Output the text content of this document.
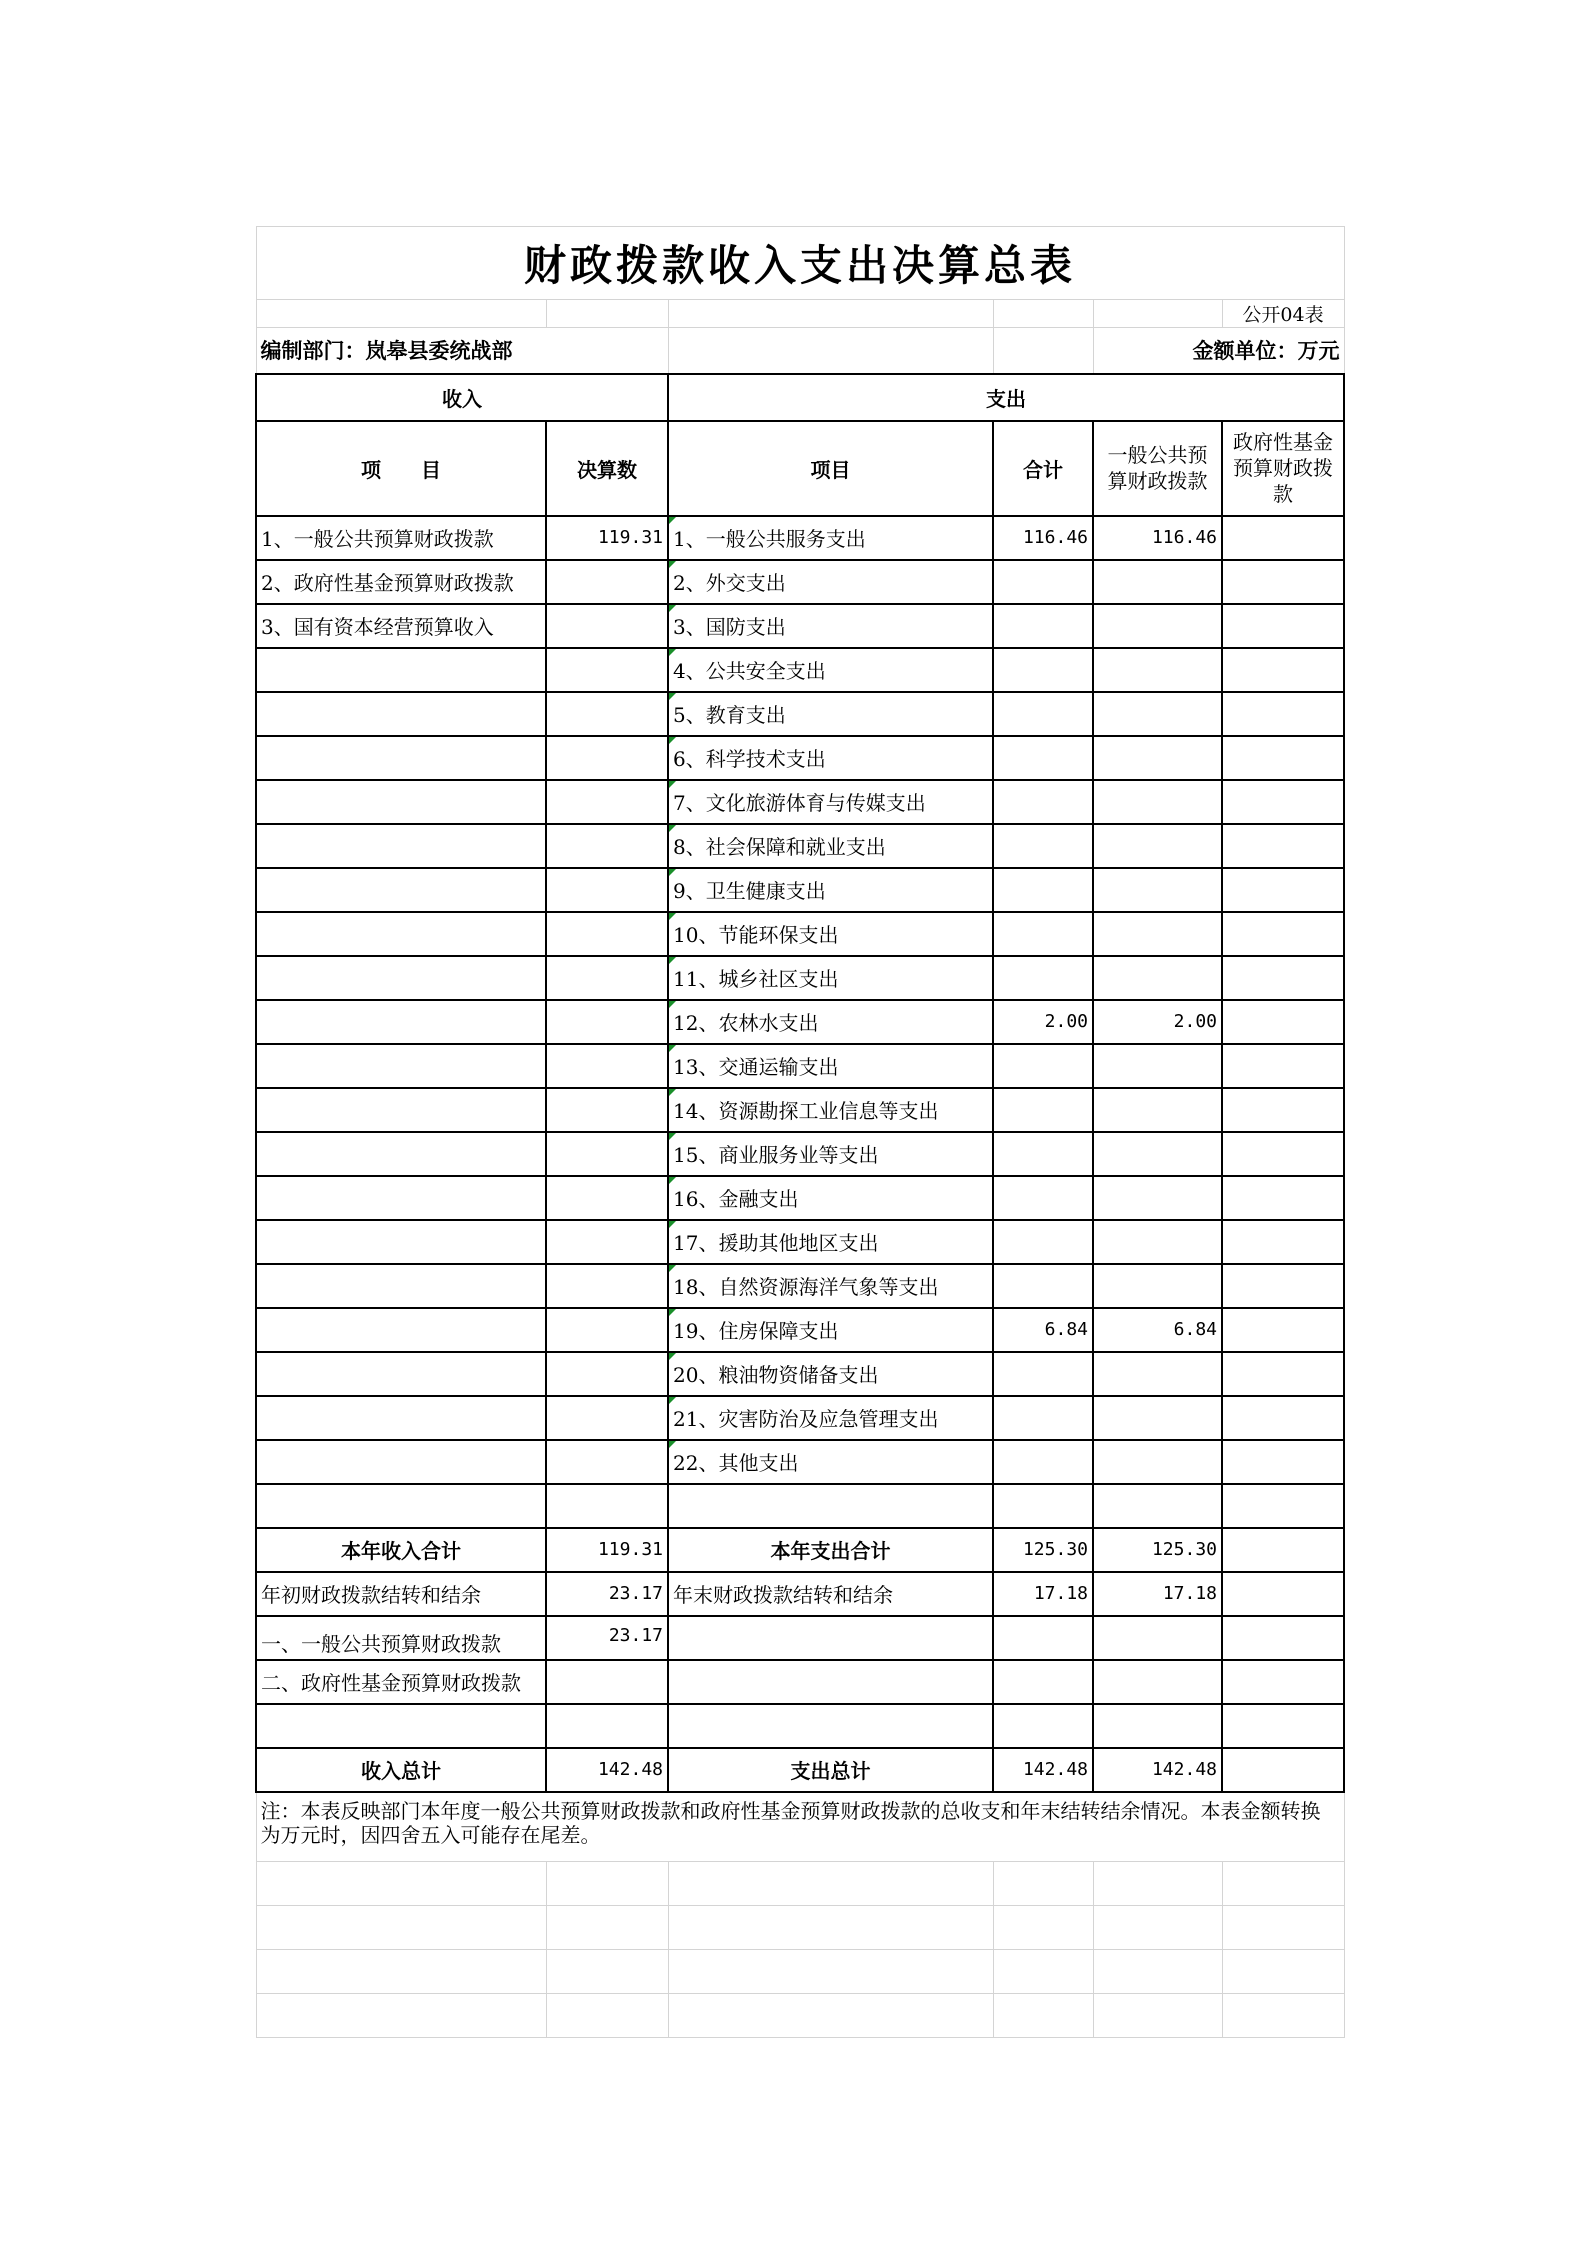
财政拨款收入支出决算总表					
					公开04表
编制部门：岚皋县委统战部				金额单位：万元	
收入		支出			
项　　目	决算数	项目	合计	一般公共预算财政拨款	政府性基金预算财政拨款
1、一般公共预算财政拨款	119.31	1、一般公共服务支出	116.46	116.46	
2、政府性基金预算财政拨款		2、外交支出			
3、国有资本经营预算收入		3、国防支出			
		4、公共安全支出			
		5、教育支出			
		6、科学技术支出			
		7、文化旅游体育与传媒支出			
		8、社会保障和就业支出			
		9、卫生健康支出			
		10、节能环保支出			
		11、城乡社区支出			
		12、农林水支出	2.00	2.00	
		13、交通运输支出			
		14、资源勘探工业信息等支出			
		15、商业服务业等支出			
		16、金融支出			
		17、援助其他地区支出			
		18、自然资源海洋气象等支出			
		19、住房保障支出	6.84	6.84	
		20、粮油物资储备支出			
		21、灾害防治及应急管理支出			
		22、其他支出			

本年收入合计	119.31	本年支出合计	125.30	125.30	
年初财政拨款结转和结余	23.17	年末财政拨款结转和结余	17.18	17.18	
一、一般公共预算财政拨款	23.17				
二、政府性基金预算财政拨款					

收入总计	142.48	支出总计	142.48	142.48	
注：本表反映部门本年度一般公共预算财政拨款和政府性基金预算财政拨款的总收支和年末结转结余情况。本表金额转换为万元时，因四舍五入可能存在尾差。					
